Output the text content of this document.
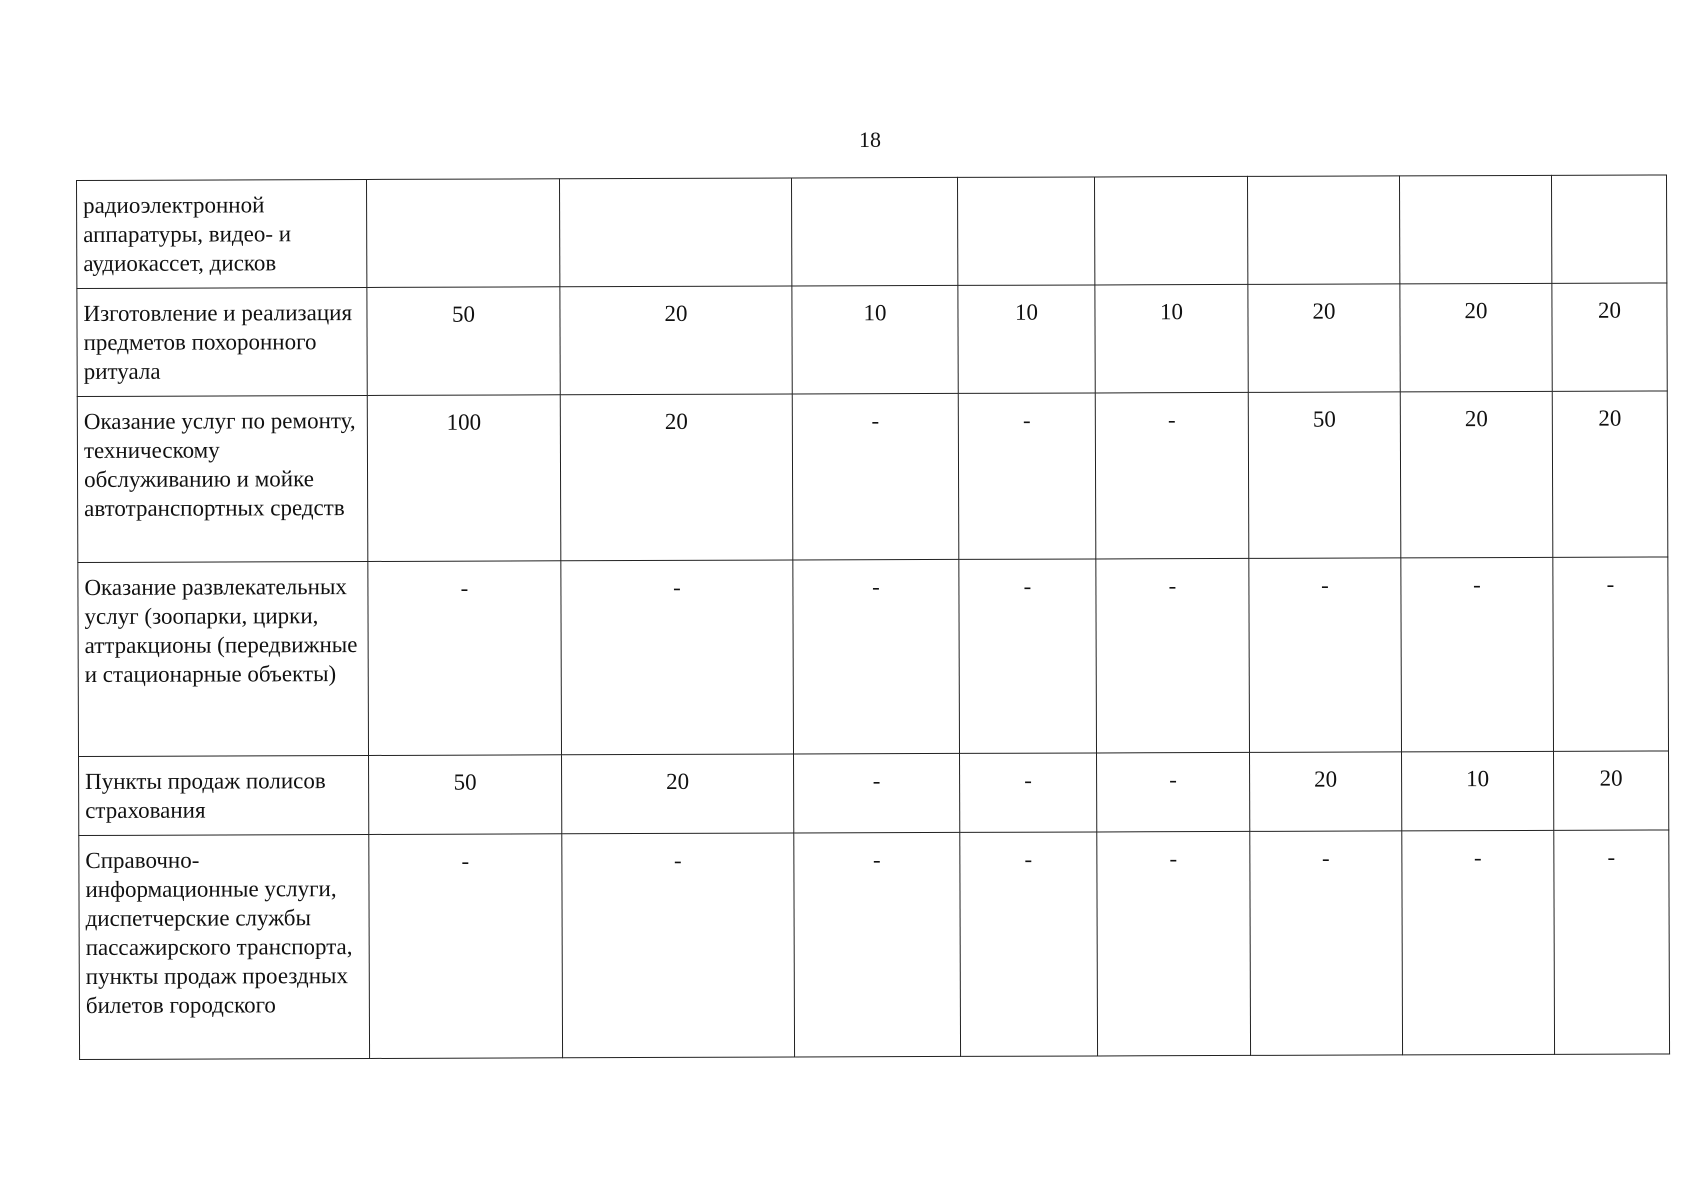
18
радиоэлектронной аппаратуры, видео- и аудиокассет, дисков								
Изготовление и реализация предметов похоронного ритуала	50	20	10	10	10	20	20	20
Оказание услуг по ремонту, техническому обслуживанию и мойке автотранспортных средств	100	20	-	-	-	50	20	20
Оказание развлекательных услуг (зоопарки, цирки, аттракционы (передвижные и стационарные объекты)	-	-	-	-	-	-	-	-
Пункты продаж полисов страхования	50	20	-	-	-	20	10	20
Справочно-информационные услуги, диспетчерские службы пассажирского транспорта, пункты продаж проездных билетов городского	-	-	-	-	-	-	-	-
